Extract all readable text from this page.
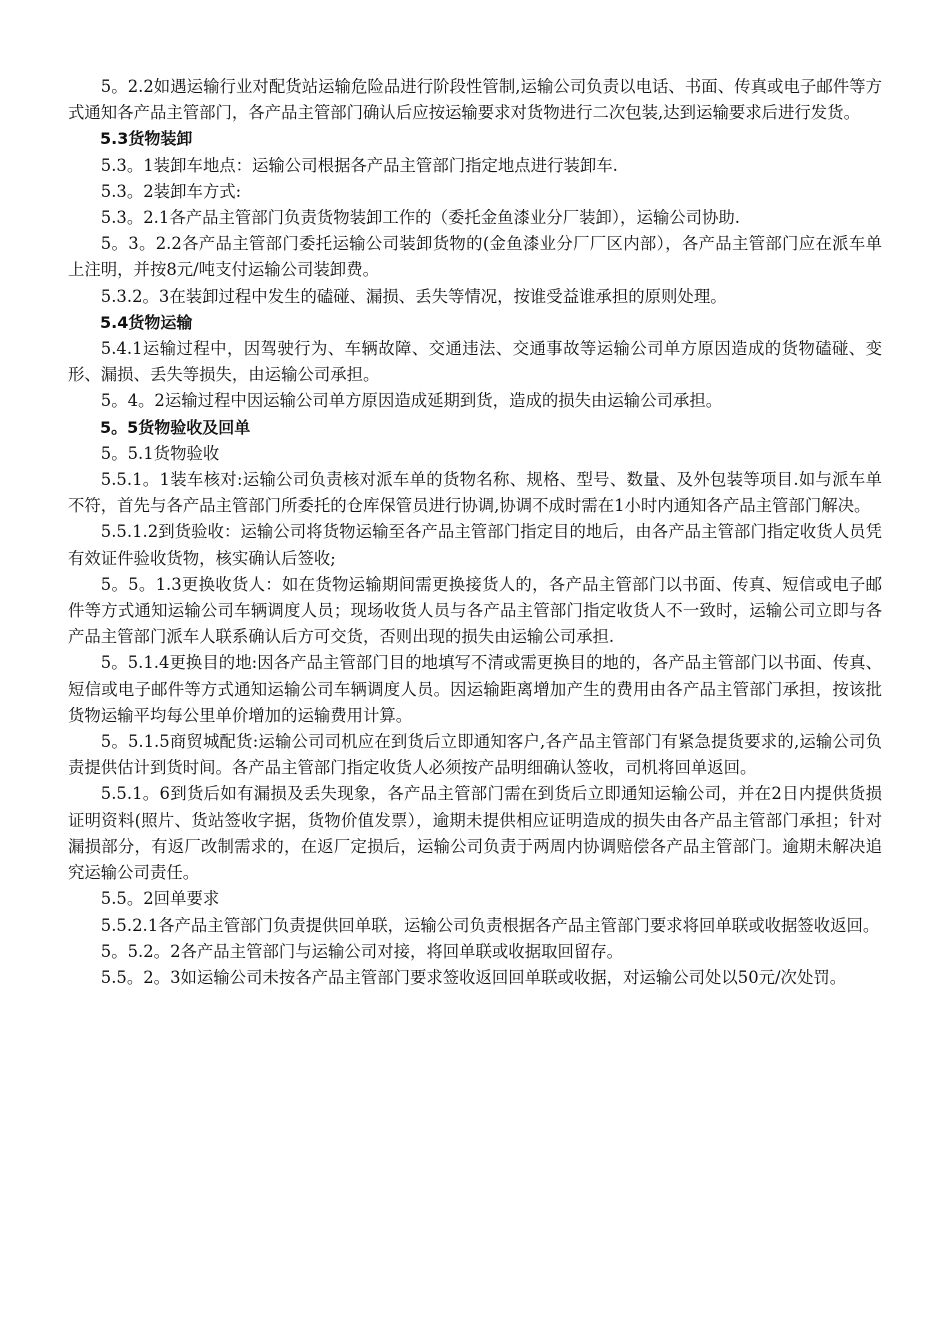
5。2.2如遇运输行业对配货站运输危险品进行阶段性管制,运输公司负责以电话、书面、传真或电子邮件等方式通知各产品主管部门，各产品主管部门确认后应按运输要求对货物进行二次包装,达到运输要求后进行发货。

5.3货物装卸

5.3。1装卸车地点：运输公司根据各产品主管部门指定地点进行装卸车.

5.3。2装卸车方式:

5.3。2.1各产品主管部门负责货物装卸工作的（委托金鱼漆业分厂装卸），运输公司协助.

5。3。2.2各产品主管部门委托运输公司装卸货物的(金鱼漆业分厂厂区内部），各产品主管部门应在派车单上注明，并按8元/吨支付运输公司装卸费。

5.3.2。3在装卸过程中发生的磕碰、漏损、丢失等情况，按谁受益谁承担的原则处理。

5.4货物运输

5.4.1运输过程中，因驾驶行为、车辆故障、交通违法、交通事故等运输公司单方原因造成的货物磕碰、变形、漏损、丢失等损失，由运输公司承担。

5。4。2运输过程中因运输公司单方原因造成延期到货，造成的损失由运输公司承担。

5。5货物验收及回单

5。5.1货物验收

5.5.1。1装车核对:运输公司负责核对派车单的货物名称、规格、型号、数量、及外包装等项目.如与派车单不符，首先与各产品主管部门所委托的仓库保管员进行协调,协调不成时需在1小时内通知各产品主管部门解决。

5.5.1.2到货验收：运输公司将货物运输至各产品主管部门指定目的地后，由各产品主管部门指定收货人员凭有效证件验收货物，核实确认后签收;

5。5。1.3更换收货人：如在货物运输期间需更换接货人的，各产品主管部门以书面、传真、短信或电子邮件等方式通知运输公司车辆调度人员；现场收货人员与各产品主管部门指定收货人不一致时，运输公司立即与各产品主管部门派车人联系确认后方可交货，否则出现的损失由运输公司承担.

5。5.1.4更换目的地:因各产品主管部门目的地填写不清或需更换目的地的，各产品主管部门以书面、传真、短信或电子邮件等方式通知运输公司车辆调度人员。因运输距离增加产生的费用由各产品主管部门承担，按该批货物运输平均每公里单价增加的运输费用计算。

5。5.1.5商贸城配货:运输公司司机应在到货后立即通知客户,各产品主管部门有紧急提货要求的,运输公司负责提供估计到货时间。各产品主管部门指定收货人必须按产品明细确认签收，司机将回单返回。

5.5.1。6到货后如有漏损及丢失现象，各产品主管部门需在到货后立即通知运输公司，并在2日内提供货损证明资料(照片、货站签收字据，货物价值发票），逾期未提供相应证明造成的损失由各产品主管部门承担；针对漏损部分，有返厂改制需求的，在返厂定损后，运输公司负责于两周内协调赔偿各产品主管部门。逾期未解决追究运输公司责任。

5.5。2回单要求

5.5.2.1各产品主管部门负责提供回单联，运输公司负责根据各产品主管部门要求将回单联或收据签收返回。

5。5.2。2各产品主管部门与运输公司对接，将回单联或收据取回留存。

5.5。2。3如运输公司未按各产品主管部门要求签收返回回单联或收据，对运输公司处以50元/次处罚。
